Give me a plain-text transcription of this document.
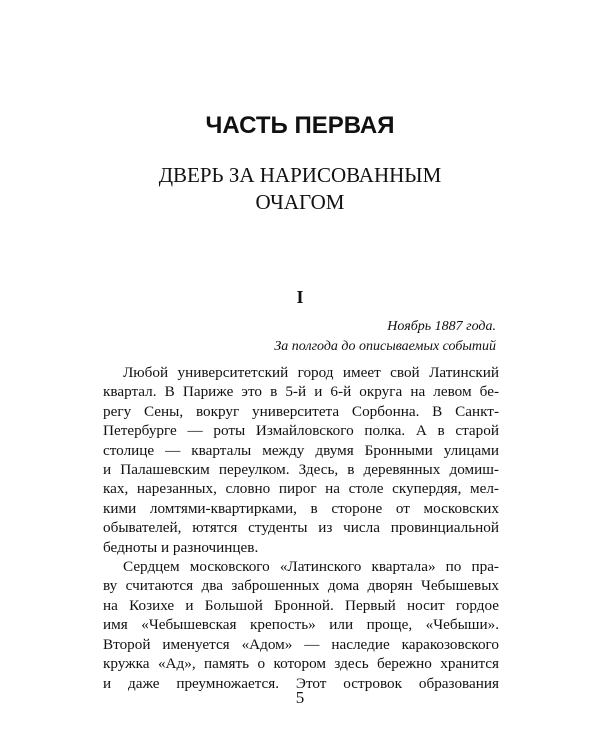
ЧАСТЬ ПЕРВАЯ
ДВЕРЬ ЗА НАРИСОВАННЫМ
ОЧАГОМ
I
Ноябрь 1887 года.
За полгода до описываемых событий
Любой университетский город имеет свой Латинский
квартал. В Париже это в 5-й и 6-й округа на левом бе-
регу Сены, вокруг университета Сорбонна. В Санкт-
Петербурге — роты Измайловского полка. А в старой
столице — кварталы между двумя Бронными улицами
и Палашевским переулком. Здесь, в деревянных домиш-
ках, нарезанных, словно пирог на столе скупердяя, мел-
кими ломтями-квартирками, в стороне от московских
обывателей, ютятся студенты из числа провинциальной
бедноты и разночинцев.
Сердцем московского «Латинского квартала» по пра-
ву считаются два заброшенных дома дворян Чебышевых
на Козихе и Большой Бронной. Первый носит гордое
имя «Чебышевская крепость» или проще, «Чебыши».
Второй именуется «Адом» — наследие каракозовского
кружка «Ад», память о котором здесь бережно хранится
и даже преумножается. Этот островок образования
5
